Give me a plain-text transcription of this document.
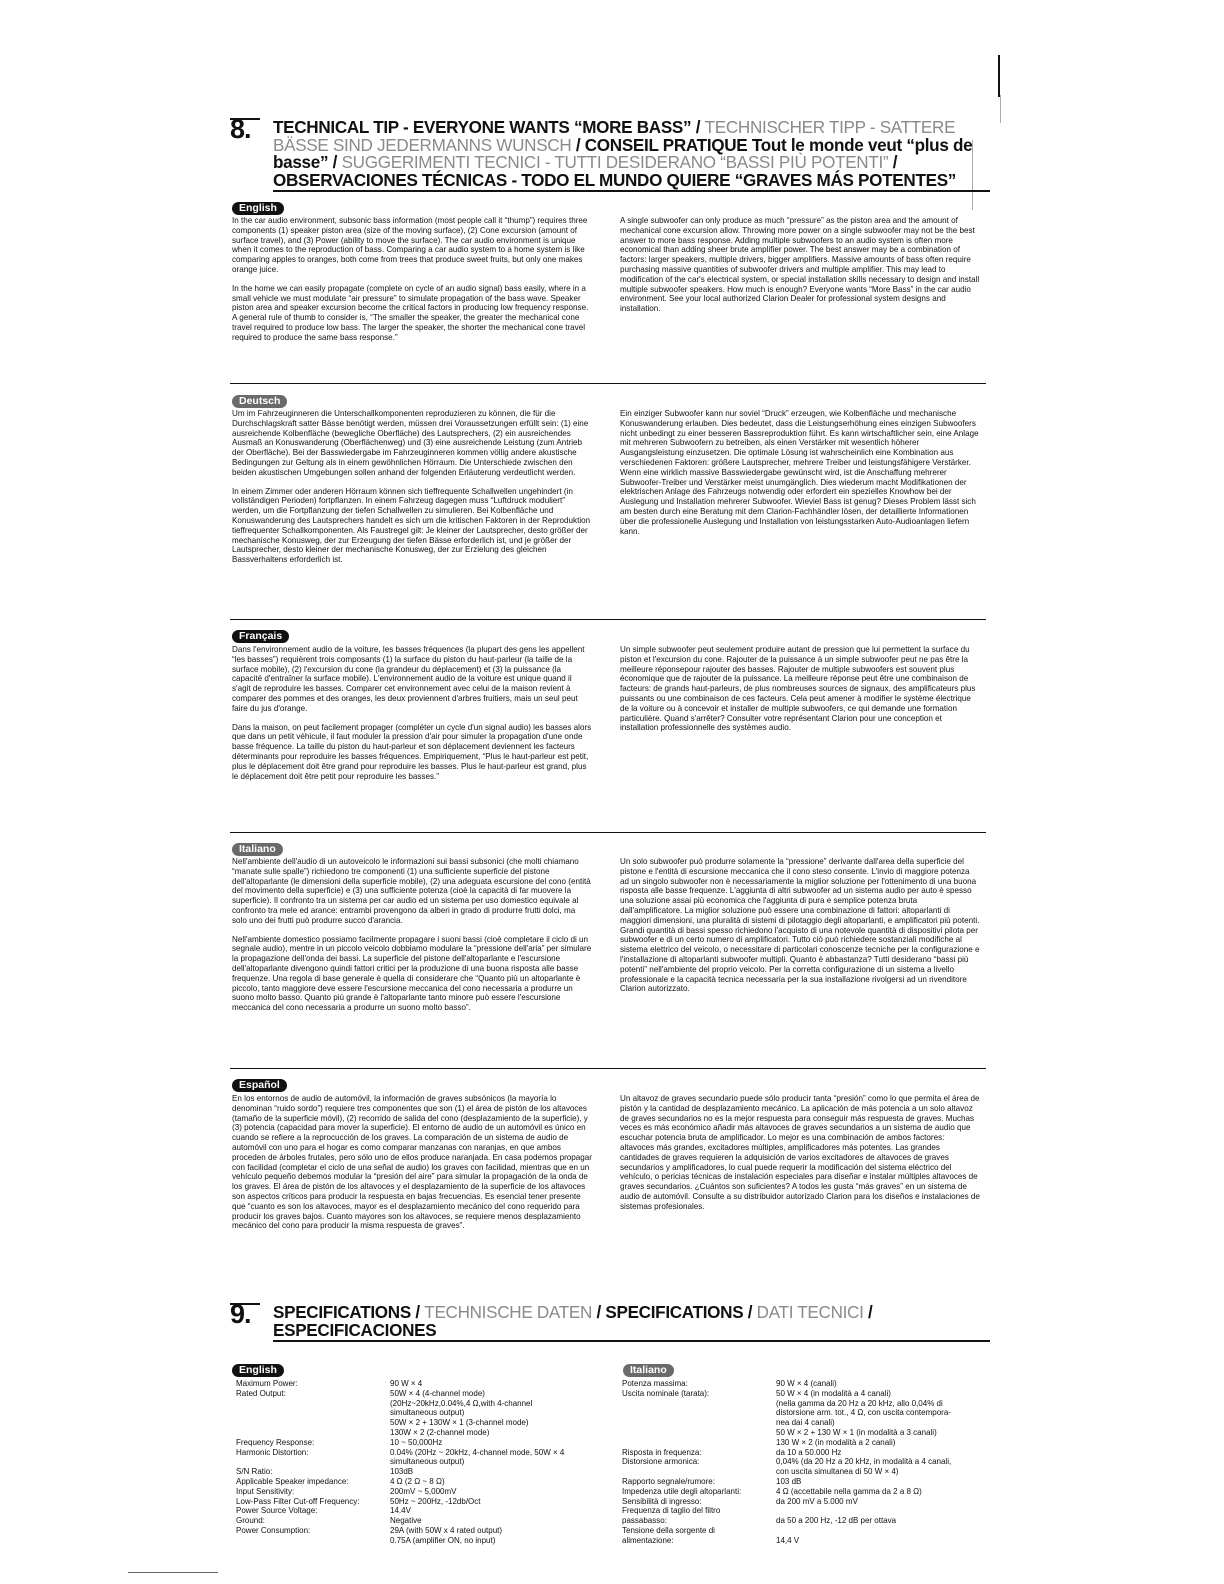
8. TECHNICAL TIP - EVERYONE WANTS “MORE BASS” / TECHNISCHER TIPP - SATTERE BÄSSE SIND JEDERMANNS WUNSCH / CONSEIL PRATIQUE Tout le monde veut “plus de basse” / SUGGERIMENTI TECNICI - TUTTI DESIDERANO “BASSI PIÙ POTENTI” / OBSERVACIONES TÉCNICAS - TODO EL MUNDO QUIERE “GRAVES MÁS POTENTES”
English

In the car audio environment, subsonic bass information (most people call it “thump”) requires three components (1) speaker piston area (size of the moving surface), (2) Cone excursion (amount of surface travel), and (3) Power (ability to move the surface). The car audio environment is unique when it comes to the reproduction of bass. Comparing a car audio system to a home system is like comparing apples to oranges, both come from trees that produce sweet fruits, but only one makes orange juice.

In the home we can easily propagate (complete on cycle of an audio signal) bass easily, where in a small vehicle we must modulate “air pressure” to simulate propagation of the bass wave. Speaker piston area and speaker excursion become the critical factors in producing low frequency response. A general rule of thumb to consider is, “The smaller the speaker, the greater the mechanical cone travel required to produce low bass. The larger the speaker, the shorter the mechanical cone travel required to produce the same bass response.”

A single subwoofer can only produce as much “pressure” as the piston area and the amount of mechanical cone excursion allow. Throwing more power on a single subwoofer may not be the best answer to more bass response. Adding multiple subwoofers to an audio system is often more economical than adding sheer brute amplifier power. The best answer may be a combination of factors: larger speakers, multiple drivers, bigger amplifiers. Massive amounts of bass often require purchasing massive quantities of subwoofer drivers and multiple amplifier. This may lead to modification of the car's electrical system, or special installation skills necessary to design and install multiple subwoofer speakers. How much is enough? Everyone wants “More Bass” in the car audio environment. See your local authorized Clarion Dealer for professional system designs and installation.

Deutsch

Um im Fahrzeuginneren die Unterschallkomponenten reproduzieren zu können, die für die Durchschlagskraft satter Bässe benötigt werden, müssen drei Voraussetzungen erfüllt sein: (1) eine ausreichende Kolbenfläche (bewegliche Oberfläche) des Lautsprechers, (2) ein ausreichendes Ausmaß an Konuswanderung (Oberflächenweg) und (3) eine ausreichende Leistung (zum Antrieb der Oberfläche). Bei der Basswiedergabe im Fahrzeuginneren kommen völlig andere akustische Bedingungen zur Geltung als in einem gewöhnlichen Hörraum. Die Unterschiede zwischen den beiden akustischen Umgebungen sollen anhand der folgenden Erläuterung verdeutlicht werden.

In einem Zimmer oder anderen Hörraum können sich tieffrequente Schallwellen ungehindert (in vollständigen Perioden) fortpflanzen. In einem Fahrzeug dagegen muss “Luftdruck moduliert” werden, um die Fortpflanzung der tiefen Schallwellen zu simulieren. Bei Kolbenfläche und Konuswanderung des Lautsprechers handelt es sich um die kritischen Faktoren in der Reproduktion tieffrequenter Schallkomponenten. Als Faustregel gilt: Je kleiner der Lautsprecher, desto größer der mechanische Konusweg, der zur Erzeugung der tiefen Bässe erforderlich ist, und je größer der Lautsprecher, desto kleiner der mechanische Konusweg, der zur Erzielung des gleichen Bassverhaltens erforderlich ist.

Ein einziger Subwoofer kann nur soviel “Druck” erzeugen, wie Kolbenfläche und mechanische Konuswanderung erlauben. Dies bedeutet, dass die Leistungserhöhung eines einzigen Subwoofers nicht unbedingt zu einer besseren Bassreproduktion führt. Es kann wirtschaftlicher sein, eine Anlage mit mehreren Subwoofern zu betreiben, als einen Verstärker mit wesentlich höherer Ausgangsleistung einzusetzen. Die optimale Lösung ist wahrscheinlich eine Kombination aus verschiedenen Faktoren: größere Lautsprecher, mehrere Treiber und leistungsfähigere Verstärker. Wenn eine wirklich massive Basswiedergabe gewünscht wird, ist die Anschaffung mehrerer Subwoofer-Treiber und Verstärker meist unumgänglich. Dies wiederum macht Modifikationen der elektrischen Anlage des Fahrzeugs notwendig oder erfordert ein spezielles Knowhow bei der Auslegung und Installation mehrerer Subwoofer. Wieviel Bass ist genug? Dieses Problem lässt sich am besten durch eine Beratung mit dem Clarion-Fachhändler lösen, der detaillierte Informationen über die professionelle Auslegung und Installation von leistungsstarken Auto-Audioanlagen liefern kann.

Français

Dans l'environnement audio de la voiture, les basses fréquences (la plupart des gens les appellent “les basses”) requièrent trois composants (1) la surface du piston du haut-parleur (la taille de la surface mobile), (2) l'excursion du cone (la grandeur du déplacement) et (3) la puissance (la capacité d'entraîner la surface mobile). L'environnement audio de la voiture est unique quand il s'agit de reproduire les basses. Comparer cet environnement avec celui de la maison revient à comparer des pommes et des oranges, les deux proviennent d'arbres fruitiers, mais un seul peut faire du jus d'orange.

Dans la maison, on peut facilement propager (compléter un cycle d'un signal audio) les basses alors que dans un petit véhicule, il faut moduler la pression d'air pour simuler la propagation d'une onde basse fréquence. La taille du piston du haut-parleur et son déplacement deviennent les facteurs déterminants pour reproduire les basses fréquences. Empiriquement, “Plus le haut-parleur est petit, plus le déplacement doit être grand pour reproduire les basses. Plus le haut-parleur est grand, plus le déplacement doit être petit pour reproduire les basses.”

Un simple subwoofer peut seulement produire autant de pression que lui permettent la surface du piston et l'excursion du cone. Rajouter de la puissance à un simple subwoofer peut ne pas être la meilleure réponsepour rajouter des basses. Rajouter de multiple subwoofers est souvent plus économique que de rajouter de la puissance. La meilleure réponse peut être une combinaison de facteurs: de grands haut-parleurs, de plus nombreuses sources de signaux, des amplificateurs plus puissants ou une combinaison de ces facteurs. Cela peut amener à modifier le système électrique de la voiture ou à concevoir et installer de multiple subwoofers, ce qui demande une formation particulière. Quand s'arrêter? Consulter votre représentant Clarion pour une conception et installation professionnelle des systèmes audio.

Italiano

Nell'ambiente dell'audio di un autoveicolo le informazioni sui bassi subsonici (che molti chiamano “manate sulle spalle”) richiedono tre componenti (1) una sufficiente superficie del pistone dell'altoparlante (le dimensioni della superficie mobile), (2) una adeguata escursione del cono (entità del movimento della superficie) e (3) una sufficiente potenza (cioè la capacità di far muovere la superficie). Il confronto tra un sistema per car audio ed un sistema per uso domestico equivale al confronto tra mele ed arance: entrambi provengono da alberi in grado di produrre frutti dolci, ma solo uno dei frutti può produrre succo d'arancia.

Nell'ambiente domestico possiamo facilmente propagare i suoni bassi (cioè completare il ciclo di un segnale audio), mentre in un piccolo veicolo dobbiamo modulare la “pressione dell'aria” per simulare la propagazione dell'onda dei bassi. La superficie del pistone dell'altoparlante e l'escursione dell'altoparlante divengono quindi fattori critici per la produzione di una buona risposta alle basse frequenze. Una regola di base generale è quella di considerare che “Quanto più un altoparlante è piccolo, tanto maggiore deve essere l'escursione meccanica del cono necessaria a produrre un suono molto basso. Quanto più grande è l'altoparlante tanto minore può essere l'escursione meccanica del cono necessaria a produrre un suono molto basso”.

Un solo subwoofer può produrre solamente la “pressione” derivante dall'area della superficie del pistone e l'entità di escursione meccanica che il cono steso consente. L'invio di maggiore potenza ad un singolo subwoofer non è necessariamente la miglior soluzione per l'ottenimento di una buona risposta alle basse frequenze. L'aggiunta di altri subwoofer ad un sistema audio per auto è spesso una soluzione assai più economica che l'aggiunta di pura e semplice potenza bruta dall'amplificatore. La miglior soluzione può essere una combinazione di fattori: altoparlanti di maggiori dimensioni, una pluralità di sistemi di pilotaggio degli altoparlanti, e amplificatori più potenti. Grandi quantità di bassi spesso richiedono l'acquisto di una notevole quantità di dispositivi pilota per subwoofer e di un certo numero di amplificatori. Tutto ciò può richiedere sostanziali modifiche al sistema elettrico del veicolo, o necessitare di particolari conoscenze tecniche per la configurazione e l'installazione di altoparlanti subwoofer multipli. Quanto è abbastanza? Tutti desiderano “bassi più potenti” nell'ambiente del proprio veicolo. Per la corretta configurazione di un sistema a livello professionale e la capacità tecnica necessaria per la sua installazione rivolgersi ad un rivenditore Clarion autorizzato.

Español

En los entornos de audio de automóvil, la información de graves subsónicos (la mayoría lo denominan “ruido sordo”) requiere tres componentes que son (1) el área de pistón de los altavoces (tamaño de la superficie móvil), (2) recorrido de salida del cono (desplazamiento de la superficie), y (3) potencia (capacidad para mover la superficie). El entorno de audio de un automóvil es único en cuando se refiere a la reprocucción de los graves. La comparación de un sistema de audio de automóvil con uno para el hogar es como comparar manzanas con naranjas, en que ambos proceden de árboles frutales, pero sólo uno de ellos produce naranjada. En casa podemos propagar con facilidad (completar el ciclo de una señal de audio) los graves con facilidad, mientras que en un vehículo pequeño debemos modular la “presión del aire” para simular la propagación de la onda de los graves. El área de pistón de los altavoces y el desplazamiento de la superficie de los altavoces son aspectos críticos para producir la respuesta en bajas frecuencias. Es esencial tener presente que “cuanto es son los altavoces, mayor es el desplazamiento mecánico del cono requerido para producir los graves bajos. Cuanto mayores son los altavoces, se requiere menos desplazamiento mecánico del cono para producir la misma respuesta de graves”.

Un altavoz de graves secundario puede sólo producir tanta “presión” como lo que permita el área de pistón y la cantidad de desplazamiento mecánico. La aplicación de más potencia a un solo altavoz de graves secundarios no es la mejor respuesta para conseguir más respuesta de graves. Muchas veces es más económico añadir más altavoces de graves secundarios a un sistema de audio que escuchar potencia bruta de amplificador. Lo mejor es una combinación de ambos factores: altavoces más grandes, excitadores múltiples, amplificadores más potentes. Las grandes cantidades de graves requieren la adquisición de varios excitadores de altavoces de graves secundarios y amplificadores, lo cual puede requerir la modificación del sistema eléctrico del vehículo, o pericias técnicas de instalación especiales para diseñar e instalar múltiples altavoces de graves secundarios. ¿Cuántos son suficientes? A todos les gusta “más graves” en un sistema de audio de automóvil. Consulte a su distribuidor autorizado Clarion para los diseños e instalaciones de sistemas profesionales.

9. SPECIFICATIONS / TECHNISCHE DATEN / SPECIFICATIONS / DATI TECNICI / ESPECIFICACIONES
English
Maximum Power:	90 W × 4
Rated Output:	50W × 4 (4-channel mode)
(20Hz~20kHz,0.04%,4 Ω,with 4-channel
simultaneous output)
50W × 2 + 130W × 1 (3-channel mode)
130W × 2 (2-channel mode)
Frequency Response:	10 ~ 50,000Hz
Harmonic Distortion:	0.04% (20Hz ~ 20kHz, 4-channel mode, 50W × 4
simultaneous output)
S/N Ratio:	103dB
Applicable Speaker impedance:	4 Ω (2 Ω ~ 8 Ω)
Input Sensitivity:	200mV ~ 5,000mV
Low-Pass Filter Cut-off Frequency:	50Hz ~ 200Hz, -12db/Oct
Power Source Voltage:	14.4V
Ground:	Negative
Power Consumption:	29A (with 50W x 4 rated output)
0.75A (amplifier ON, no input)
Italiano
Potenza massima:	90 W × 4 (canali)
Uscita nominale (tarata):	50 W × 4 (in modalità a 4 canali)
(nella gamma da 20 Hz a 20 kHz, allo 0,04% di
distorsione arm. tot., 4 Ω, con uscita contempora-
nea dai 4 canali)
50 W × 2 + 130 W × 1 (in modalità a 3 canali)
130 W × 2 (in modalità a 2 canali)
Risposta in frequenza:	da 10 a 50.000 Hz
Distorsione armonica:	0,04% (da 20 Hz a 20 kHz, in modalità a 4 canali,
con uscita simultanea di 50 W × 4)
Rapporto segnale/rumore:	103 dB
Impedenza utile degli altoparlanti:	4 Ω (accettabile nella gamma da 2 a 8 Ω)
Sensibilità di ingresso:	da 200 mV a 5.000 mV
Frequenza di taglio del filtro
passabasso:	da 50 a 200 Hz, -12 dB per ottava
Tensione della sorgente di
alimentazione:	14,4 V
